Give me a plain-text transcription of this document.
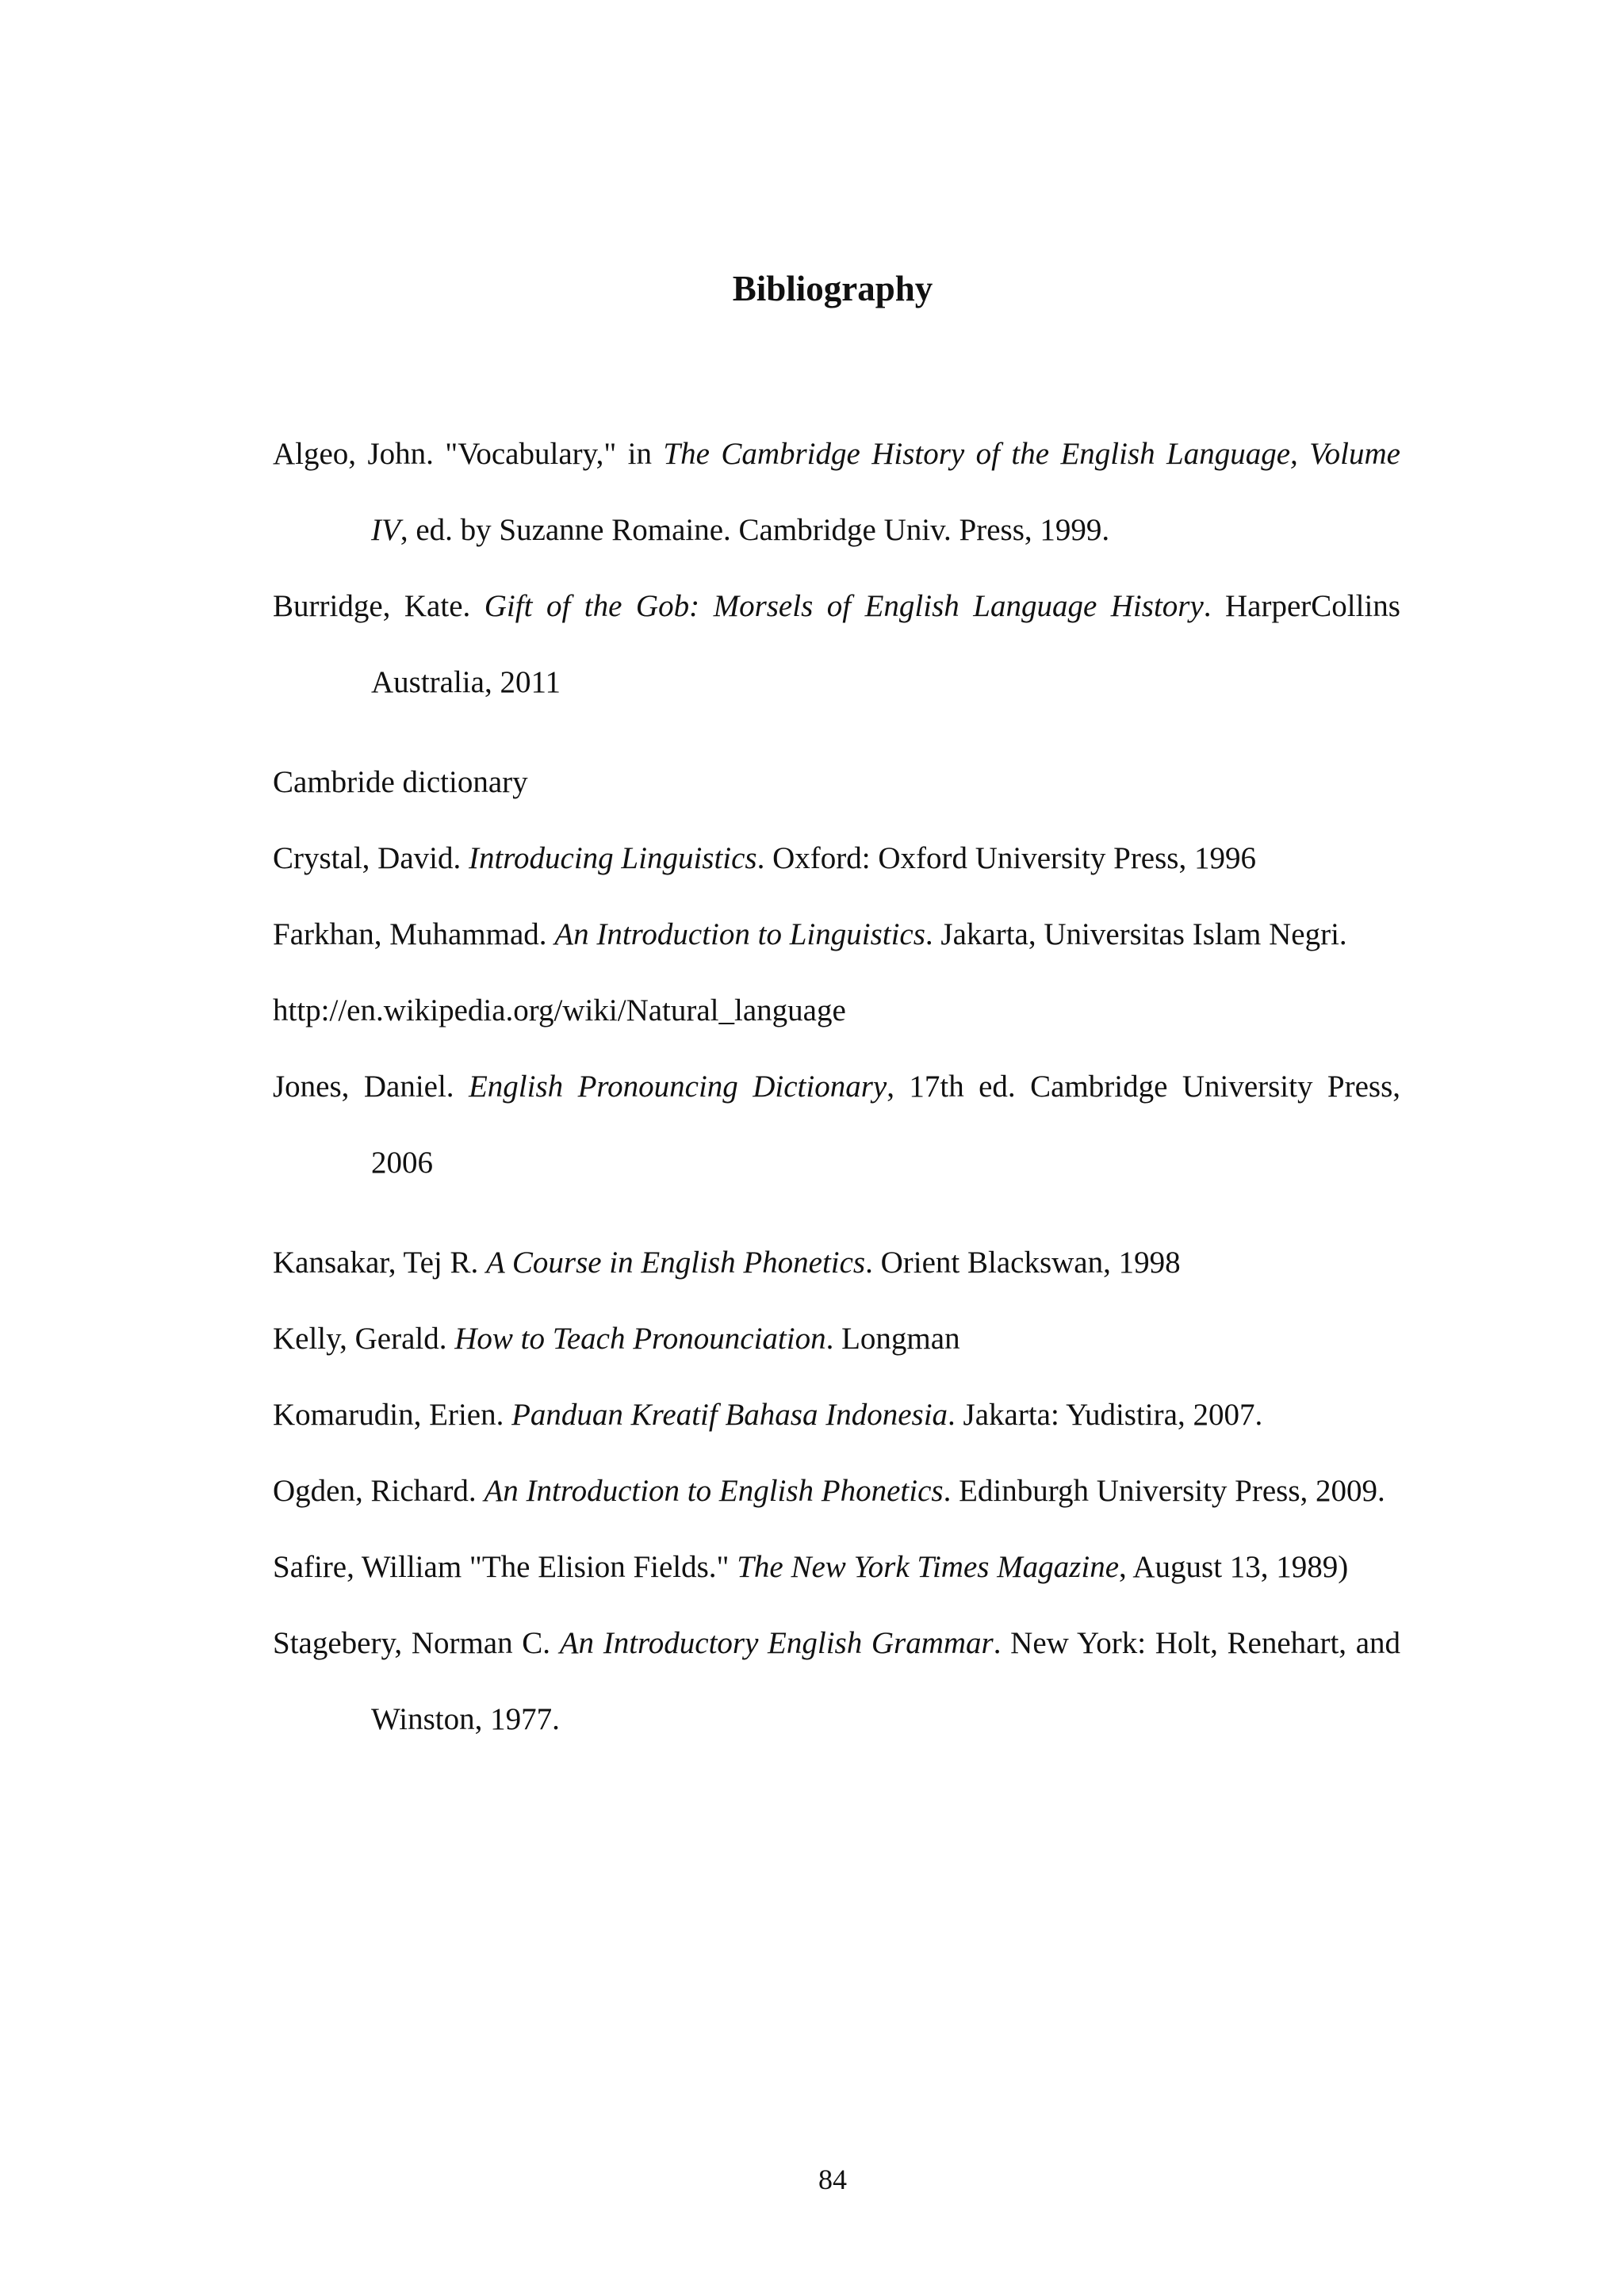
Bibliography

Algeo, John. "Vocabulary," in The Cambridge History of the English Language, Volume IV, ed. by Suzanne Romaine. Cambridge Univ. Press, 1999.

Burridge, Kate. Gift of the Gob: Morsels of English Language History. HarperCollins Australia, 2011

Cambride dictionary

Crystal, David. Introducing Linguistics. Oxford: Oxford University Press, 1996

Farkhan, Muhammad. An Introduction to Linguistics. Jakarta, Universitas Islam Negri.

http://en.wikipedia.org/wiki/Natural_language

Jones, Daniel. English Pronouncing Dictionary, 17th ed. Cambridge University Press, 2006

Kansakar, Tej R. A Course in English Phonetics. Orient Blackswan, 1998

Kelly, Gerald. How to Teach Pronounciation. Longman

Komarudin, Erien. Panduan Kreatif Bahasa Indonesia. Jakarta: Yudistira, 2007.

Ogden, Richard. An Introduction to English Phonetics. Edinburgh University Press, 2009.

Safire, William "The Elision Fields." The New York Times Magazine, August 13, 1989)

Stagebery, Norman C. An Introductory English Grammar. New York: Holt, Renehart, and Winston, 1977.

84
